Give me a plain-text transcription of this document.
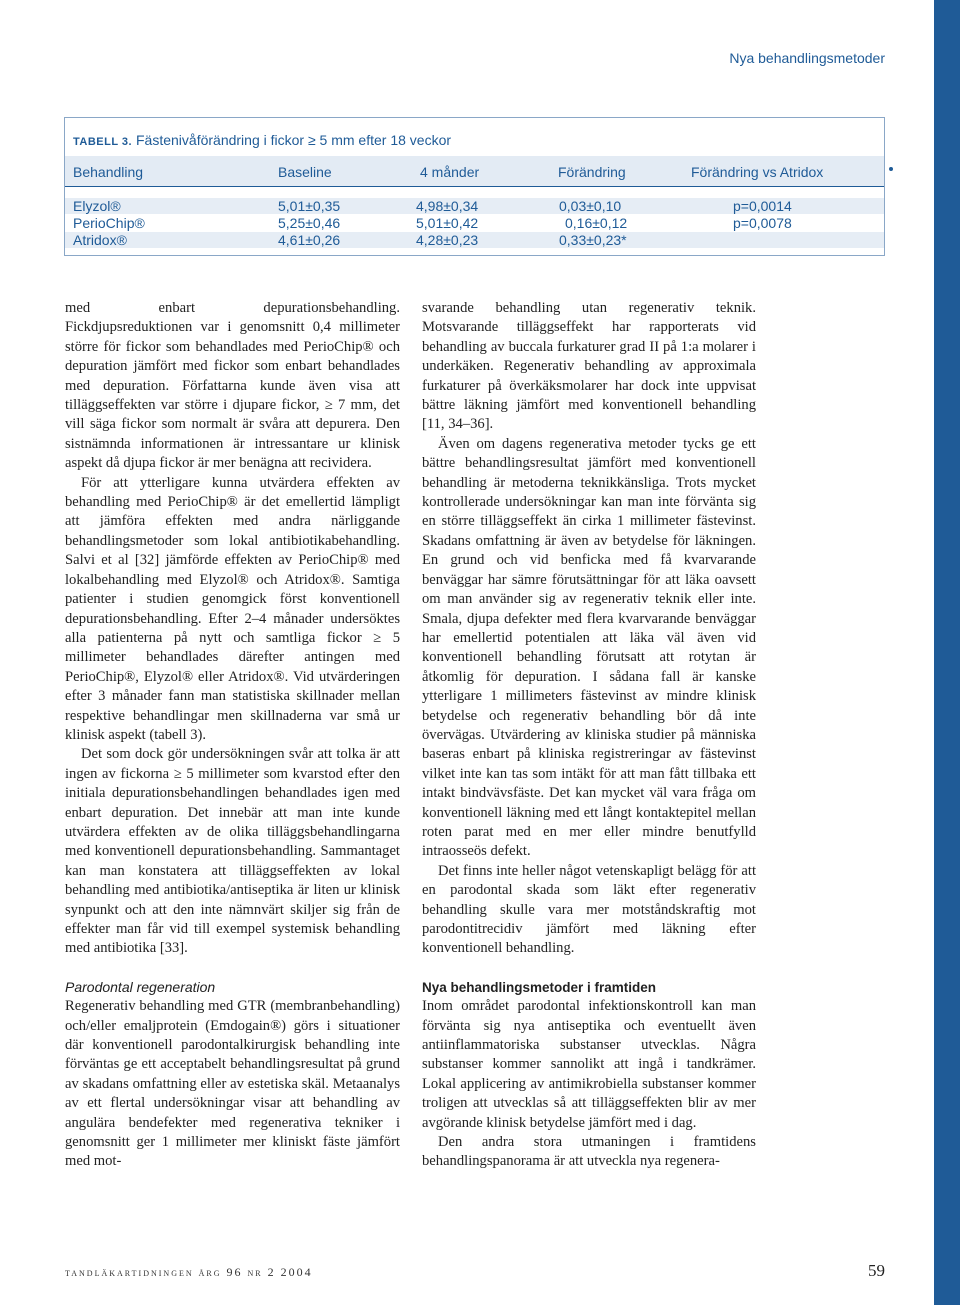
Nya behandlingsmetoder
TABELL 3. Fästenivåförändring i fickor ≥ 5 mm efter 18 veckor
Behandling	Baseline	4 månder	Förändring	Förändring vs Atridox
Elyzol®	5,01±0,35	4,98±0,34	0,03±0,10	p=0,0014
PerioChip®	5,25±0,46	5,01±0,42	0,16±0,12	p=0,0078
Atridox®	4,61±0,26	4,28±0,23	0,33±0,23*

med enbart depurationsbehandling. Fickdjupsreduktionen var i genomsnitt 0,4 millimeter större för fickor som behandlades med PerioChip® och depuration jämfört med fickor som enbart behandlades med depuration. Författarna kunde även visa att tilläggseffekten var större i djupare fickor, ≥ 7 mm, det vill säga fickor som normalt är svåra att depurera. Den sistnämnda informationen är intressantare ur klinisk aspekt då djupa fickor är mer benägna att recividera.

För att ytterligare kunna utvärdera effekten av behandling med PerioChip® är det emellertid lämpligt att jämföra effekten med andra närliggande behandlingsmetoder som lokal antibiotikabehandling. Salvi et al [32] jämförde effekten av PerioChip® med lokalbehandling med Elyzol® och Atridox®. Samtiga patienter i studien genomgick först konventionell depurationsbehandling. Efter 2–4 månader undersöktes alla patienterna på nytt och samtliga fickor ≥ 5 millimeter behandlades därefter antingen med PerioChip®, Elyzol® eller Atridox®. Vid utvärderingen efter 3 månader fann man statistiska skillnader mellan respektive behandlingar men skillnaderna var små ur klinisk aspekt (tabell 3).

Det som dock gör undersökningen svår att tolka är att ingen av fickorna ≥ 5 millimeter som kvarstod efter den initiala depurationsbehandlingen behandlades igen med enbart depuration. Det innebär att man inte kunde utvärdera effekten av de olika tilläggsbehandlingarna med konventionell depurationsbehandling. Sammantaget kan man konstatera att tilläggseffekten av lokal behandling med antibiotika/antiseptika är liten ur klinisk synpunkt och att den inte nämnvärt skiljer sig från de effekter man får vid till exempel systemisk behandling med antibiotika [33].

Parodontal regeneration

Regenerativ behandling med GTR (membranbehandling) och/eller emaljprotein (Emdogain®) görs i situationer där konventionell parodontalkirurgisk behandling inte förväntas ge ett acceptabelt behandlingsresultat på grund av skadans omfattning eller av estetiska skäl. Metaanalys av ett flertal undersökningar visar att behandling av angulära bendefekter med regenerativa tekniker i genomsnitt ger 1 millimeter mer kliniskt fäste jämfört med mot-

svarande behandling utan regenerativ teknik. Motsvarande tilläggseffekt har rapporterats vid behandling av buccala furkaturer grad II på 1:a molarer i underkäken. Regenerativ behandling av approximala furkaturer på överkäksmolarer har dock inte uppvisat bättre läkning jämfört med konventionell behandling [11, 34–36].

Även om dagens regenerativa metoder tycks ge ett bättre behandlingsresultat jämfört med konventionell behandling är metoderna teknikkänsliga. Trots mycket kontrollerade undersökningar kan man inte förvänta sig en större tilläggseffekt än cirka 1 millimeter fästevinst. Skadans omfattning är även av betydelse för läkningen. En grund och vid benficka med få kvarvarande benväggar har sämre förutsättningar för att läka oavsett om man använder sig av regenerativ teknik eller inte. Smala, djupa defekter med flera kvarvarande benväggar har emellertid potentialen att läka väl även vid konventionell behandling förutsatt att rotytan är åtkomlig för depuration. I sådana fall är kanske ytterligare 1 millimeters fästevinst av mindre klinisk betydelse och regenerativ behandling bör då inte övervägas. Utvärdering av kliniska studier på människa baseras enbart på kliniska registreringar av fästevinst vilket inte kan tas som intäkt för att man fått tillbaka ett intakt bindvävsfäste. Det kan mycket väl vara fråga om konventionell läkning med ett långt kontaktepitel mellan roten parat med en mer eller mindre benutfylld intraosseös defekt.

Det finns inte heller något vetenskapligt belägg för att en parodontal skada som läkt efter regenerativ behandling skulle vara mer motståndskraftig mot parodontitrecidiv jämfört med läkning efter konventionell behandling.

Nya behandlingsmetoder i framtiden

Inom området parodontal infektionskontroll kan man förvänta sig nya antiseptika och eventuellt även antiinflammatoriska substanser utvecklas. Några substanser kommer sannolikt att ingå i tandkrämer. Lokal applicering av antimikrobiella substanser kommer troligen att utvecklas så att tilläggseffekten blir av mer avgörande klinisk betydelse jämfört med i dag.

Den andra stora utmaningen i framtidens behandlingspanorama är att utveckla nya regenera-

tandläkartidningen årg 96 nr 2 2004	59
